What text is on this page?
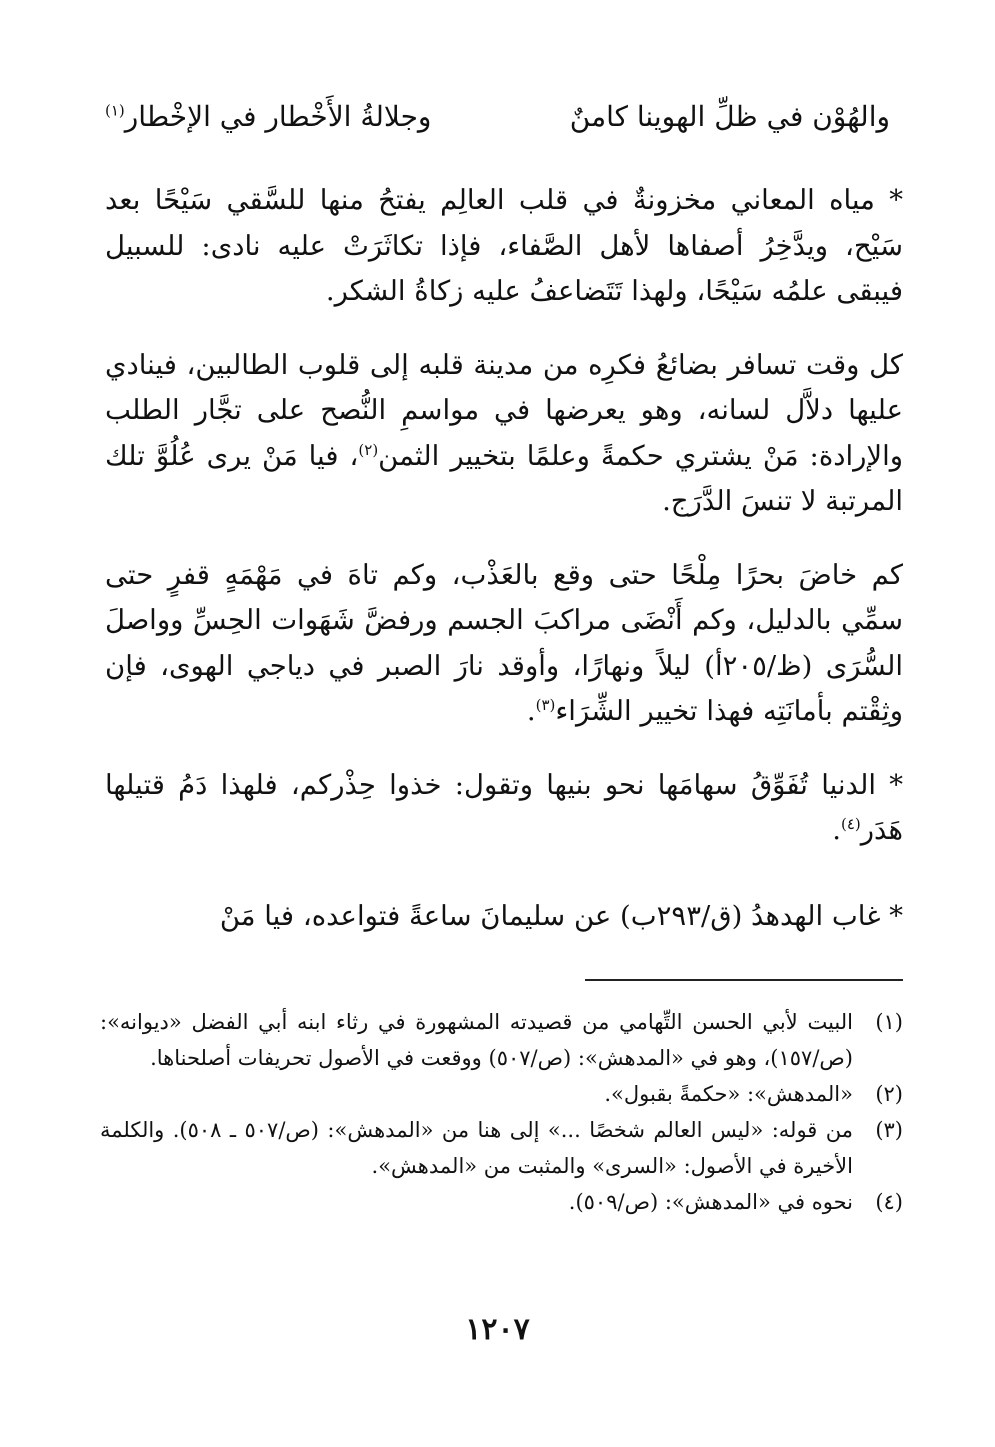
والهُوْن في ظلِّ الهوينا كامنٌ
وجلالةُ الأَخْطار في الإخْطار$^{(١)}$

* مياه المعاني مخزونةٌ في قلب العالِم يفتحُ منها للسَّقي سَيْحًا بعد سَيْح، ويدَّخِرُ أصفاها لأهل الصَّفاء، فإذا تكاثَرَتْ عليه نادى: للسبيل فيبقى علمُه سَيْحًا، ولهذا تَتَضاعفُ عليه زكاةُ الشكر.

كل وقت تسافر بضائعُ فكرِه من مدينة قلبه إلى قلوب الطالبين، فينادي عليها دلاَّل لسانه، وهو يعرضها في مواسمِ النُّصح على تجَّار الطلب والإرادة: مَنْ يشتري حكمةً وعلمًا بتخيير الثمن$^{(٢)}$، فيا مَنْ يرى عُلُوَّ تلك المرتبة لا تنسَ الدَّرَج.

كم خاضَ بحرًا مِلْحًا حتى وقع بالعَذْب، وكم تاهَ في مَهْمَهٍ قفرٍ حتى سمِّي بالدليل، وكم أَنْضَى مراكبَ الجسم ورفضَّ شَهَوات الحِسِّ وواصلَ السُّرَى (ظ/٢٠٥أ) ليلاً ونهارًا، وأوقد نارَ الصبر في دياجي الهوى، فإن وثِقْتم بأمانَتِه فهذا تخيير الشِّرَاء$^{(٣)}$.

* الدنيا تُفَوِّقُ سهامَها نحو بنيها وتقول: خذوا حِذْركم، فلهذا دَمُ قتيلها هَدَر$^{(٤)}$.

* غاب الهدهدُ (ق/٢٩٣ب) عن سليمانَ ساعةً فتواعده، فيا مَنْ

(١)
البيت لأبي الحسن التِّهامي من قصيدته المشهورة في رثاء ابنه أبي الفضل «ديوانه»: (ص/١٥٧)، وهو في «المدهش»: (ص/٥٠٧) ووقعت في الأصول تحريفات أصلحناها.
(٢)
«المدهش»: «حكمةً بقبول».
(٣)
من قوله: «ليس العالم شخصًا ...» إلى هنا من «المدهش»: (ص/٥٠٧ ـ ٥٠٨). والكلمة الأخيرة في الأصول: «السرى» والمثبت من «المدهش».
(٤)
نحوه في «المدهش»: (ص/٥٠٩).
١٢٠٧
